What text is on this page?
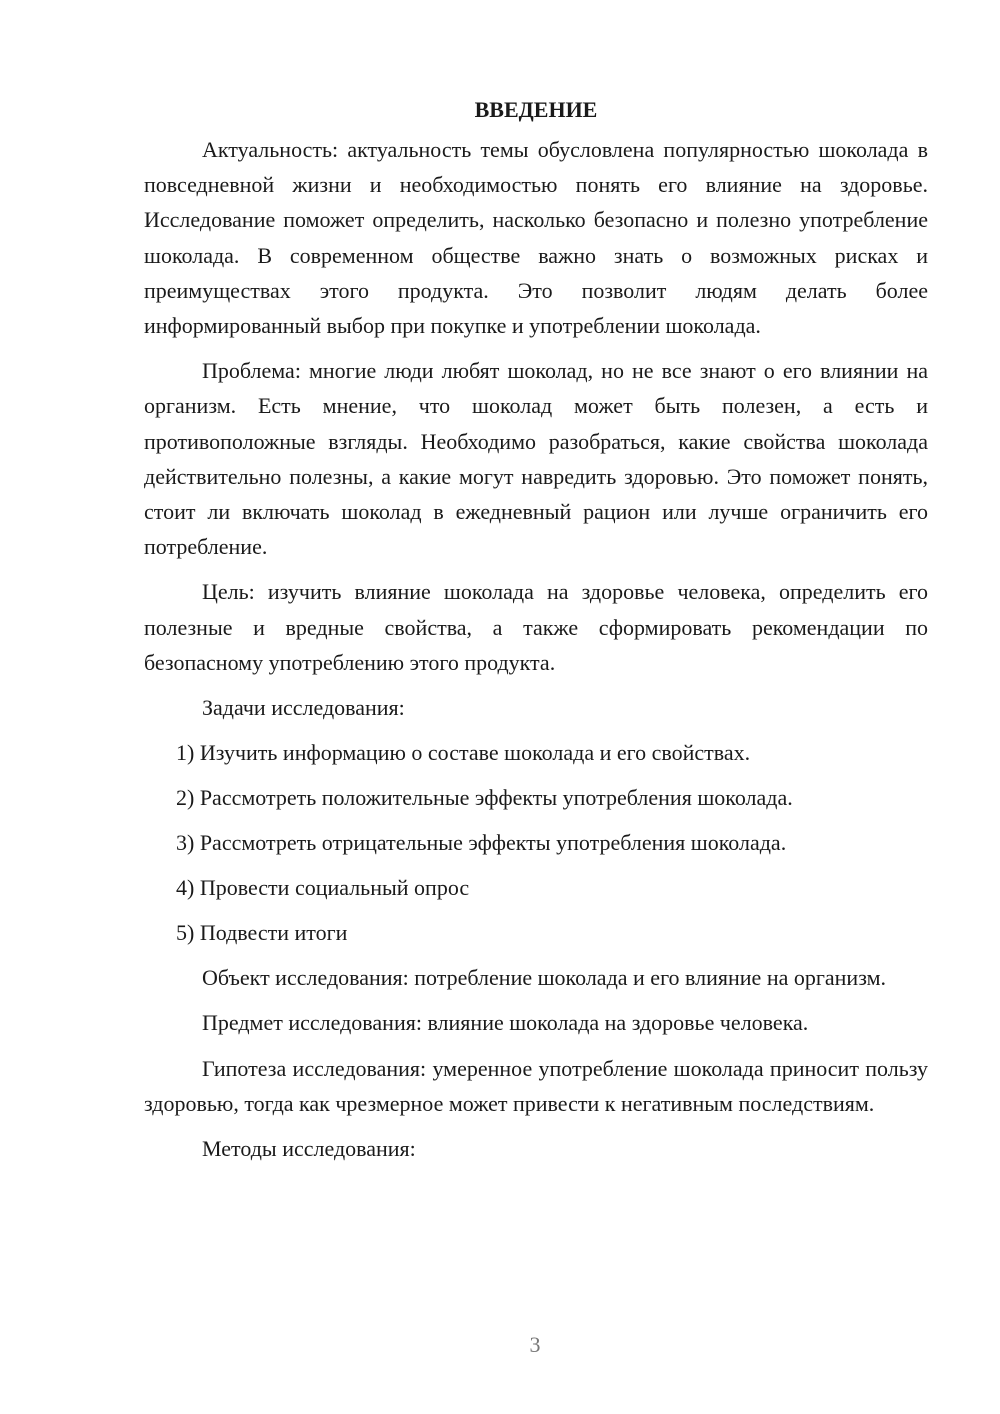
ВВЕДЕНИЕ

Актуальность: актуальность темы обусловлена популярностью шоколада в повседневной жизни и необходимостью понять его влияние на здоровье. Исследование поможет определить, насколько безопасно и полезно употребление шоколада. В современном обществе важно знать о возможных рисках и преимуществах этого продукта. Это позволит людям делать более информированный выбор при покупке и употреблении шоколада.

Проблема: многие люди любят шоколад, но не все знают о его влиянии на организм. Есть мнение, что шоколад может быть полезен, а есть и противоположные взгляды. Необходимо разобраться, какие свойства шоколада действительно полезны, а какие могут навредить здоровью. Это поможет понять, стоит ли включать шоколад в ежедневный рацион или лучше ограничить его потребление.

Цель: изучить влияние шоколада на здоровье человека, определить его полезные и вредные свойства, а также сформировать рекомендации по безопасному употреблению этого продукта.

Задачи исследования:

1) Изучить информацию о составе шоколада и его свойствах.
2) Рассмотреть положительные эффекты употребления шоколада.
3) Рассмотреть отрицательные эффекты употребления шоколада.
4) Провести социальный опрос
5) Подвести итоги

Объект исследования: потребление шоколада и его влияние на организм.

Предмет исследования: влияние шоколада на здоровье человека.

Гипотеза исследования: умеренное употребление шоколада приносит пользу здоровью, тогда как чрезмерное может привести к негативным последствиям.

Методы исследования:

3
